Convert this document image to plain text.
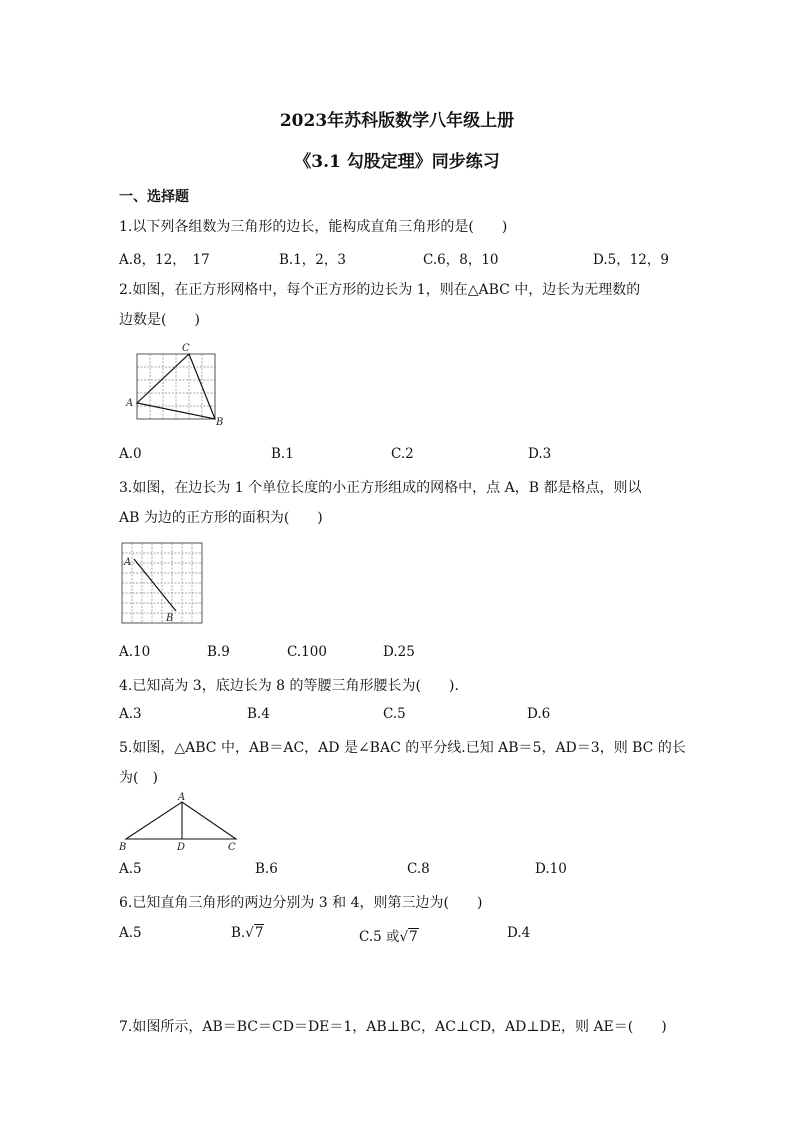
2023年苏科版数学八年级上册
《3.1 勾股定理》同步练习
一、选择题
1.以下列各组数为三角形的边长，能构成直角三角形的是(　　)
A.8，12，　17	B.1，2，3	C.6，8，10	D.5，12，9
2.如图，在正方形网格中，每个正方形的边长为 1，则在△ABC 中，边长为无理数的
边数是(　　)
A
B
C
A.0	B.1	C.2	D.3
3.如图，在边长为 1 个单位长度的小正方形组成的网格中，点 A，B 都是格点，则以
AB 为边的正方形的面积为(　　)
A
B
A.10	B.9	C.100	D.25
4.已知高为 3，底边长为 8 的等腰三角形腰长为(　　).
A.3	B.4	C.5	D.6
5.如图，△ABC 中，AB＝AC，AD 是∠BAC 的平分线.已知 AB＝5，AD＝3，则 BC 的长
为(　)
A
B	C
D
A.5	B.6	C.8	D.10
6.已知直角三角形的两边分别为 3 和 4，则第三边为(　　)
A.5	B.√7	C.5 或√7	D.4
7.如图所示，AB＝BC＝CD＝DE＝1，AB⊥BC，AC⊥CD，AD⊥DE，则 AE＝(　　)
